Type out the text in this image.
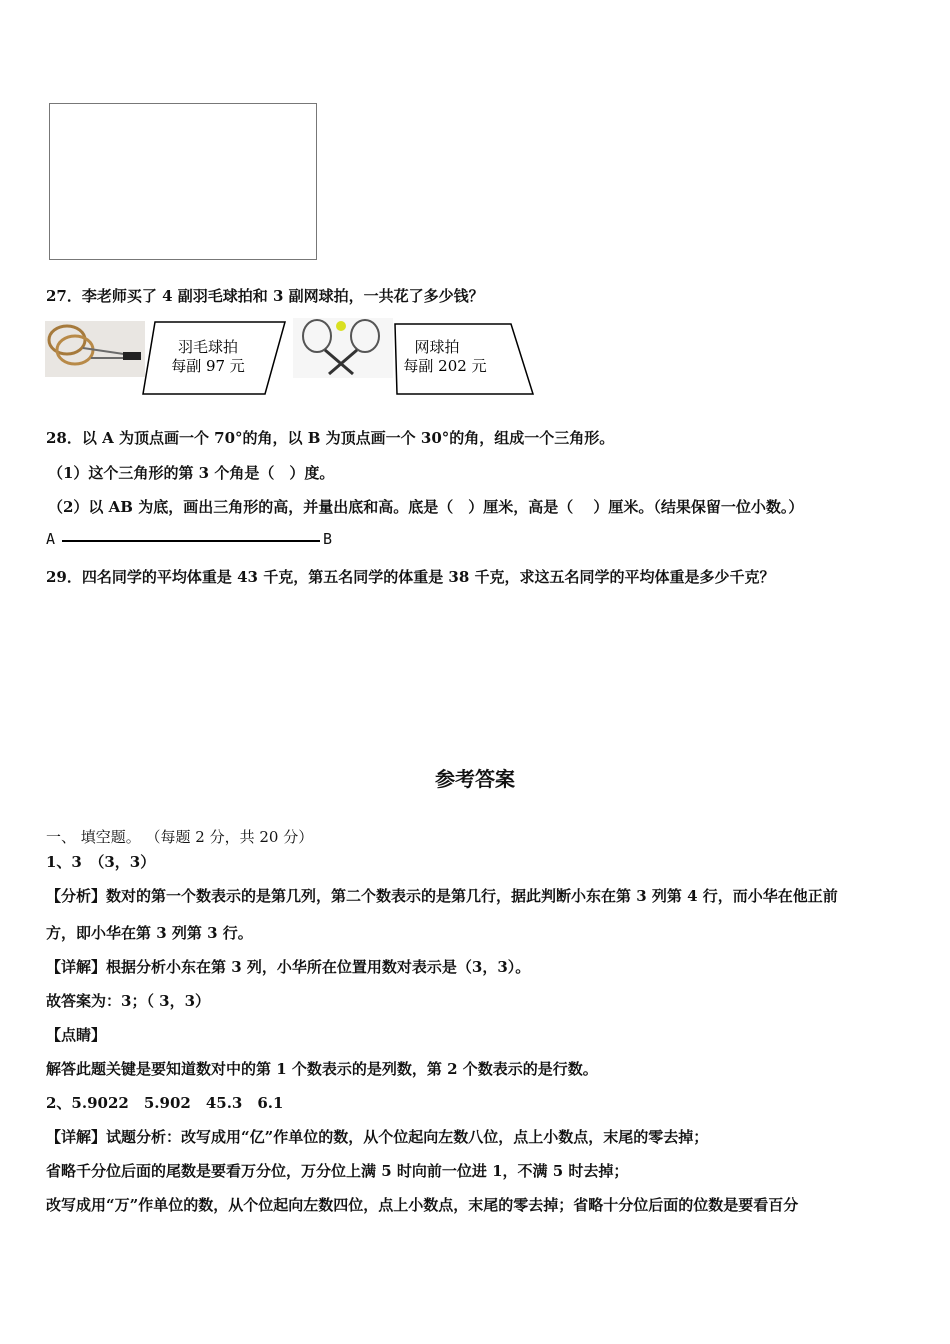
27．李老师买了 4 副羽毛球拍和 3 副网球拍，一共花了多少钱？
羽毛球拍
每副 97 元
网球拍
每副 202 元
28．以 A 为顶点画一个 70°的角，以 B 为顶点画一个 30°的角，组成一个三角形。
（1）这个三角形的第 3 个角是（　）度。
（2）以 AB 为底，画出三角形的高，并量出底和高。底是（　）厘米，高是（　 ）厘米。（结果保留一位小数。）
A	B
29．四名同学的平均体重是 43 千克，第五名同学的体重是 38 千克，求这五名同学的平均体重是多少千克？
参考答案
一、 填空题。 （每题 2 分，共 20 分）
1、3　（3，3）
【分析】数对的第一个数表示的是第几列，第二个数表示的是第几行，据此判断小东在第 3 列第 4 行，而小华在他正前
方，即小华在第 3 列第 3 行。
【详解】根据分析小东在第 3 列，小华所在位置用数对表示是（3，3）。
故答案为：3；（ 3，3）
【点睛】
解答此题关键是要知道数对中的第 1 个数表示的是列数，第 2 个数表示的是行数。
2、5.9022　5.902　45.3　6.1
【详解】试题分析：改写成用“亿”作单位的数，从个位起向左数八位，点上小数点，末尾的零去掉；
省略千分位后面的尾数是要看万分位，万分位上满 5 时向前一位进 1，不满 5 时去掉；
改写成用“万”作单位的数，从个位起向左数四位，点上小数点，末尾的零去掉；省略十分位后面的位数是要看百分
